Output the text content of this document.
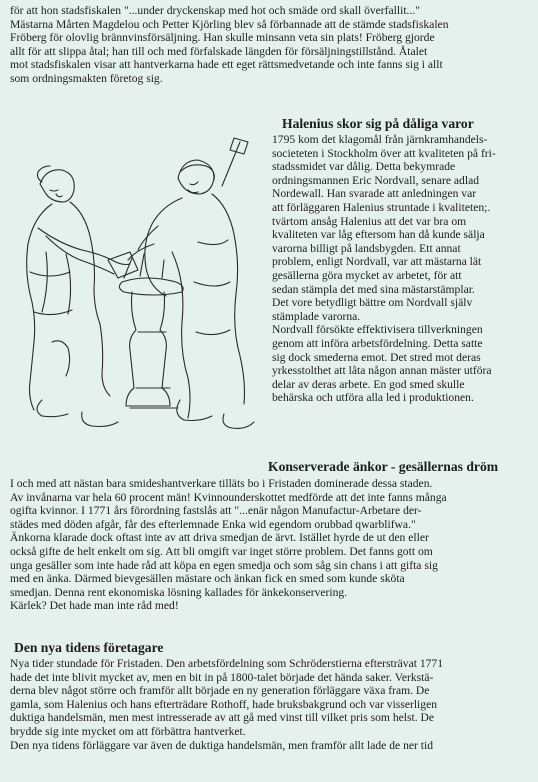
för att hon stadsfiskalen "...under dryckenskap med hot och smäde ord skall överfallit..."
Mästarna Mårten Magdelou och Petter Kjörling blev så förbannade att de stämde stadsfiskalen
Fröberg för olovlig brännvinsförsäljning. Han skulle minsann veta sin plats! Fröberg gjorde
allt för att slippa åtal; han till och med förfalskade längden för försäljningstillstånd. Åtalet
mot stadsfiskalen visar att hantverkarna hade ett eget rättsmedvetande och inte fanns sig i allt
som ordningsmakten företog sig.
Halenius skor sig på dåliga varor
1795 kom det klagomål från järnkramhandels-
societeten i Stockholm över att kvaliteten på fri-
stadssmidet var dålig. Detta bekymrade
ordningsmannen Eric Nordvall, senare adlad
Nordewall. Han svarade att anledningen var
att förläggaren Halenius struntade i kvaliteten;.
tvärtom ansåg Halenius att det var bra om
kvaliteten var låg eftersom han då kunde sälja
varorna billigt på landsbygden. Ett annat
problem, enligt Nordvall, var att mästarna lät
gesällerna göra mycket av arbetet, för att
sedan stämpla det med sina mästarstämplar.
Det vore betydligt bättre om Nordvall själv
stämplade varorna.
Nordvall försökte effektivisera tillverkningen
genom att införa arbetsfördelning. Detta satte
sig dock smederna emot. Det stred mot deras
yrkesstolthet att låta någon annan mäster utföra
delar av deras arbete. En god smed skulle
behärska och utföra alla led i produktionen.
Konserverade änkor - gesällernas dröm
I och med att nästan bara smideshantverkare tilläts bo i Fristaden dominerade dessa staden.
Av invånarna var hela 60 procent män! Kvinnounderskottet medförde att det inte fanns många
ogifta kvinnor. I 1771 års förordning fastslås att "...enär någon Manufactur-Arbetare der-
städes med döden afgår, får des efterlemnade Enka wid egendom orubbad qwarblifwa."
Änkorna klarade dock oftast inte av att driva smedjan de ärvt. Istället hyrde de ut den eller
också gifte de helt enkelt om sig. Att bli omgift var inget större problem. Det fanns gott om
unga gesäller som inte hade råd att köpa en egen smedja och som såg sin chans i att gifta sig
med en änka. Därmed bievgesällen mästare och änkan fick en smed som kunde sköta
smedjan. Denna rent ekonomiska lösning kallades för änkekonservering.
Kärlek? Det hade man inte råd med!
Den nya tidens företagare
Nya tider stundade för Fristaden. Den arbetsfördelning som Schröderstierna eftersträvat 1771
hade det inte blivit mycket av, men en bit in på 1800-talet började det hända saker. Verkstä-
derna blev något större och framför allt började en ny generation förläggare växa fram. De
gamla, som Halenius och hans efterträdare Rothoff, hade bruksbakgrund och var visserligen
duktiga handelsmän, men mest intresserade av att gå med vinst till vilket pris som helst. De
brydde sig inte mycket om att förbättra hantverket.
Den nya tidens förläggare var även de duktiga handelsmän, men framför allt lade de ner tid
